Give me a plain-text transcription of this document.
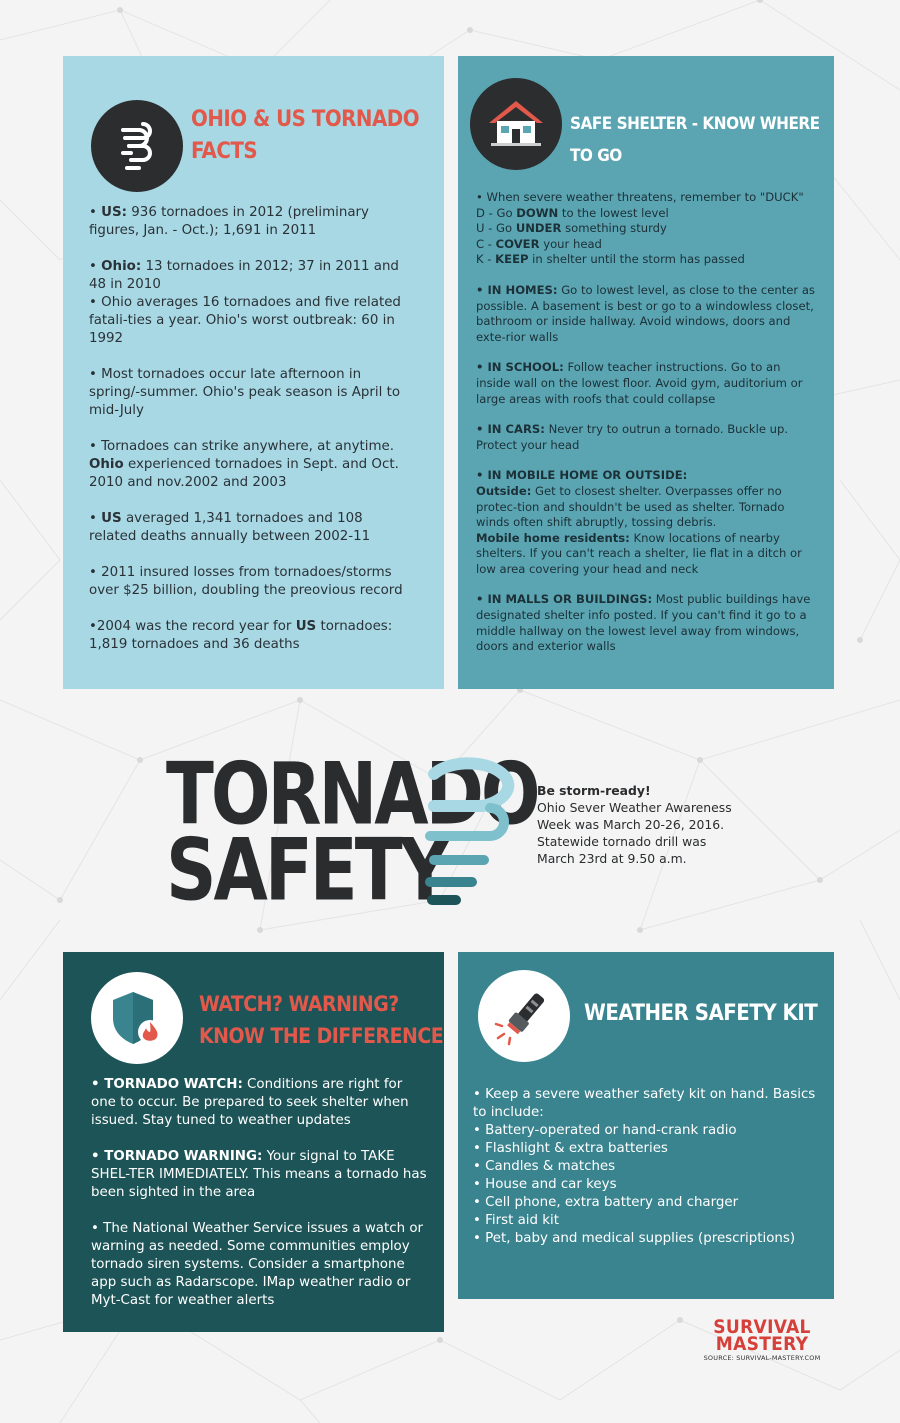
OHIO & US TORNADO FACTS

• US: 936 tornadoes in 2012 (preliminary figures, Jan. - Oct.); 1,691 in 2011

• Ohio: 13 tornadoes in 2012; 37 in 2011 and 48 in 2010

• Ohio averages 16 tornadoes and five related fatali-ties a year. Ohio's worst outbreak: 60 in 1992

• Most tornadoes occur late afternoon in spring/-summer. Ohio's peak season is April to mid-July

• Tornadoes can strike anywhere, at anytime. Ohio experienced tornadoes in Sept. and Oct. 2010 and nov.2002 and 2003

• US averaged 1,341 tornadoes and 108 related deaths annually between 2002-11

• 2011 insured losses from tornadoes/storms over $25 billion, doubling the preovious record

•2004 was the record year for US tornadoes: 1,819 tornadoes and 36 deaths

SAFE SHELTER - KNOW WHERE TO GO

• When severe weather threatens, remember to "DUCK"

D - Go DOWN to the lowest level

U - Go UNDER something sturdy

C - COVER your head

K - KEEP in shelter until the storm has passed

• IN HOMES: Go to lowest level, as close to the center as possible. A basement is best or go to a windowless closet, bathroom or inside hallway. Avoid windows, doors and exte-rior walls

• IN SCHOOL: Follow teacher instructions. Go to an inside wall on the lowest floor. Avoid gym, auditorium or large areas with roofs that could collapse

• IN CARS: Never try to outrun a tornado. Buckle up. Protect your head

• IN MOBILE HOME OR OUTSIDE:

Outside: Get to closest shelter. Overpasses offer no protec-tion and shouldn't be used as shelter. Tornado winds often shift abruptly, tossing debris.

Mobile home residents: Know locations of nearby shelters. If you can't reach a shelter, lie flat in a ditch or low area covering your head and neck

• IN MALLS OR BUILDINGS: Most public buildings have designated shelter info posted. If you can't find it go to a middle hallway on the lowest level away from windows, doors and exterior walls

TORNADO
SAFETY

Be storm-ready!

Ohio Sever Weather Awareness Week was March 20-26, 2016. Statewide tornado drill was March 23rd at 9.50 a.m.

WATCH? WARNING?
KNOW THE DIFFERENCE

• TORNADO WATCH: Conditions are right for one to occur. Be prepared to seek shelter when issued. Stay tuned to weather updates

• TORNADO WARNING: Your signal to TAKE SHEL-TER IMMEDIATELY. This means a tornado has been sighted in the area

• The National Weather Service issues a watch or warning as needed. Some communities employ tornado siren systems. Consider a smartphone app such as Radarscope. IMap weather radio or Myt-Cast for weather alerts

WEATHER SAFETY KIT

• Keep a severe weather safety kit on hand. Basics to include:

• Battery-operated or hand-crank radio

• Flashlight & extra batteries

• Candles & matches

• House and car keys

• Cell phone, extra battery and charger

• First aid kit

• Pet, baby and medical supplies (prescriptions)

SURVIVAL
MASTERY
SOURCE: SURVIVAL-MASTERY.COM
